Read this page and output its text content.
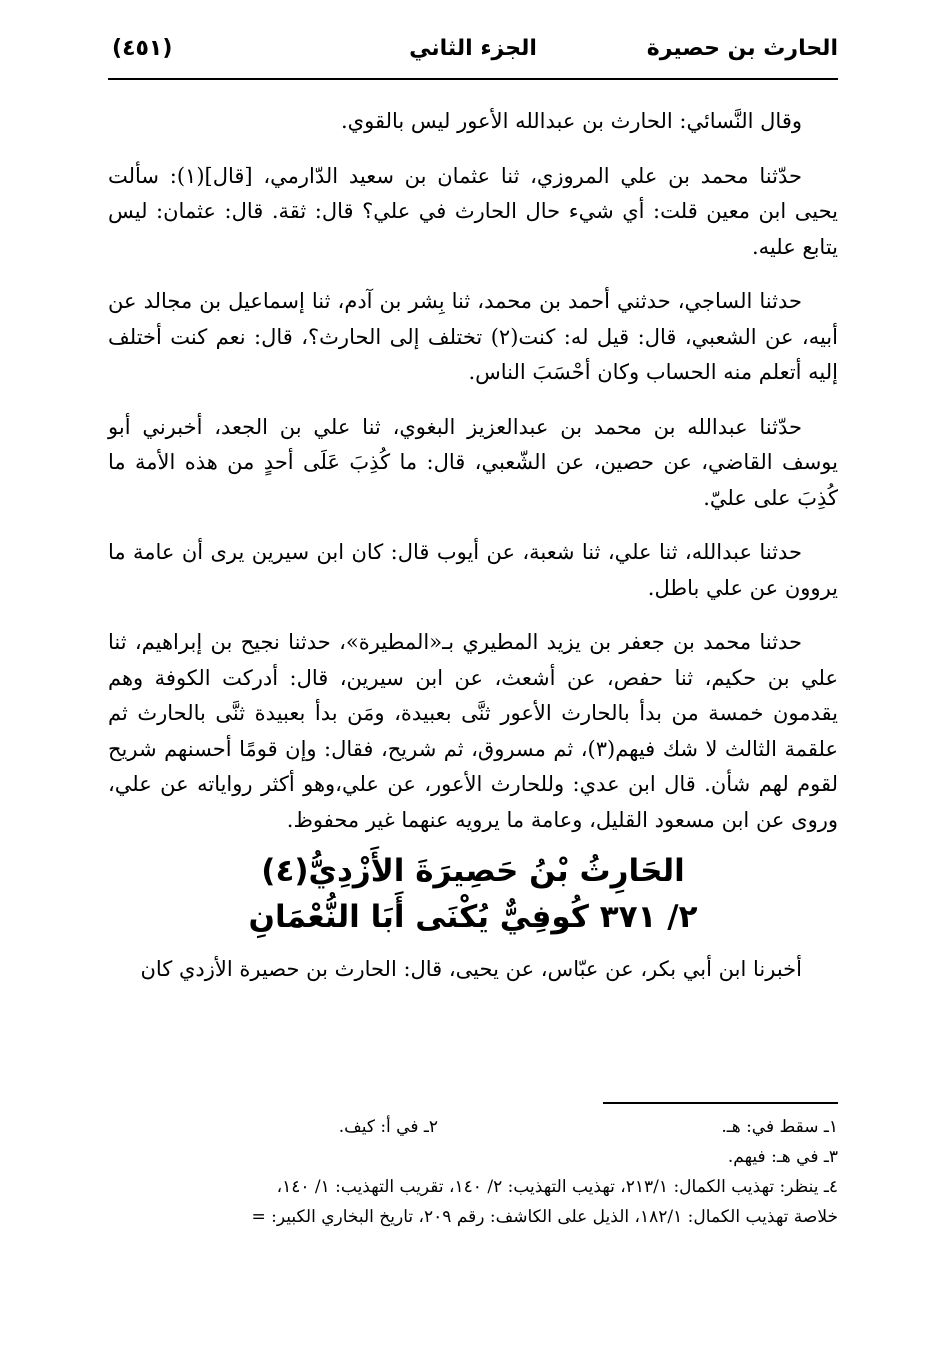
الحارث بن حصيرة
الجزء الثاني
(٤٥١)

وقال النَّسائي: الحارث بن عبدالله الأعور ليس بالقوي.

حدّثنا محمد بن علي المروزي، ثنا عثمان بن سعيد الدّارمي، [قال](١): سألت يحيى ابن معين قلت: أي شيء حال الحارث في علي؟ قال: ثقة. قال: عثمان: ليس يتابع عليه.

حدثنا الساجي، حدثني أحمد بن محمد، ثنا بِشر بن آدم، ثنا إسماعيل بن مجالد عن أبيه، عن الشعبي، قال: قيل له: كنت(٢) تختلف إلى الحارث؟، قال: نعم كنت أختلف إليه أتعلم منه الحساب وكان أحْسَبَ الناس.

حدّثنا عبدالله بن محمد بن عبدالعزيز البغوي، ثنا علي بن الجعد، أخبرني أبو يوسف القاضي، عن حصين، عن الشّعبي، قال: ما كُذِبَ عَلَى أحدٍ من هذه الأمة ما كُذِبَ على عليّ.

حدثنا عبدالله، ثنا علي، ثنا شعبة، عن أيوب قال: كان ابن سيرين يرى أن عامة ما يروون عن علي باطل.

حدثنا محمد بن جعفر بن يزيد المطيري بـ«المطيرة»، حدثنا نجيح بن إبراهيم، ثنا علي بن حكيم، ثنا حفص، عن أشعث، عن ابن سيرين، قال: أدركت الكوفة وهم يقدمون خمسة من بدأ بالحارث الأعور ثنَّى بعبيدة، ومَن بدأ بعبيدة ثنَّى بالحارث ثم علقمة الثالث لا شك فيهم(٣)، ثم مسروق، ثم شريح، فقال: وإن قومًا أحسنهم شريح لقوم لهم شأن. قال ابن عدي: وللحارث الأعور، عن علي،وهو أكثر رواياته عن علي، وروى عن ابن مسعود القليل، وعامة ما يرويه عنهما غير محفوظ.

الحَارِثُ بْنُ حَصِيرَةَ الأَزْدِيُّ(٤)

٢/ ٣٧١ كُوفِيٌّ يُكْنَى أَبَا النُّعْمَانِ

أخبرنا ابن أبي بكر، عن عبّاس، عن يحيى، قال: الحارث بن حصيرة الأزدي كان

١ـ سقط في: هـ.
٢ـ في أ: كيف.
٣ـ في هـ: فيهم.
٤ـ ينظر: تهذيب الكمال: ٢١٣/١، تهذيب التهذيب: ٢/ ١٤٠، تقريب التهذيب: ١/ ١٤٠،
خلاصة تهذيب الكمال: ١٨٢/١، الذيل على الكاشف: رقم ٢٠٩، تاريخ البخاري الكبير: =
